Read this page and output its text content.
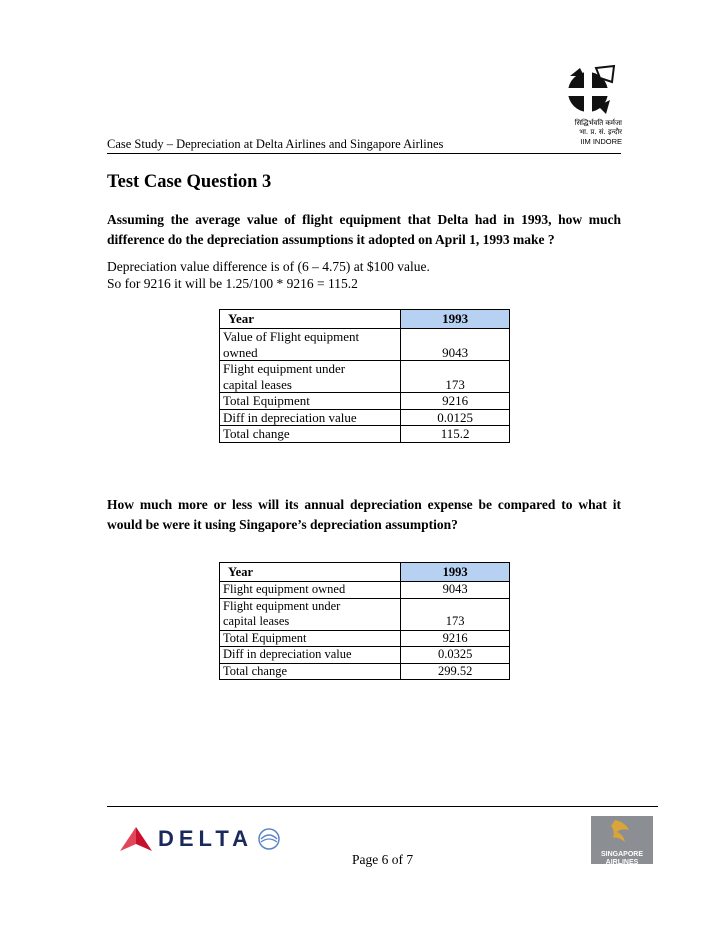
Case Study – Depreciation at Delta Airlines and Singapore Airlines
सिद्धिर्भवति कर्मजा
भा. प्र. सं. इन्दौर
IIM INDORE
Test Case Question 3
Assuming the average value of flight equipment that Delta had in 1993, how much difference do the depreciation assumptions it adopted on April 1, 1993 make ?
Depreciation value difference is of (6 – 4.75) at $100 value.
So for 9216 it will be 1.25/100 * 9216 = 115.2
Year	1993
Value of Flight equipment
owned	9043
Flight equipment under
capital leases	173
Total Equipment	9216
Diff in depreciation value	0.0125
Total change	115.2
How much more or less will its annual depreciation expense be compared to what it would be were it using Singapore’s depreciation assumption?
Year	1993
Flight equipment owned	9043
Flight equipment under
capital leases	173
Total Equipment	9216
Diff in depreciation value	0.0325
Total change	299.52
DELTA
Page 6 of 7	SINGAPORE
AIRLINES
